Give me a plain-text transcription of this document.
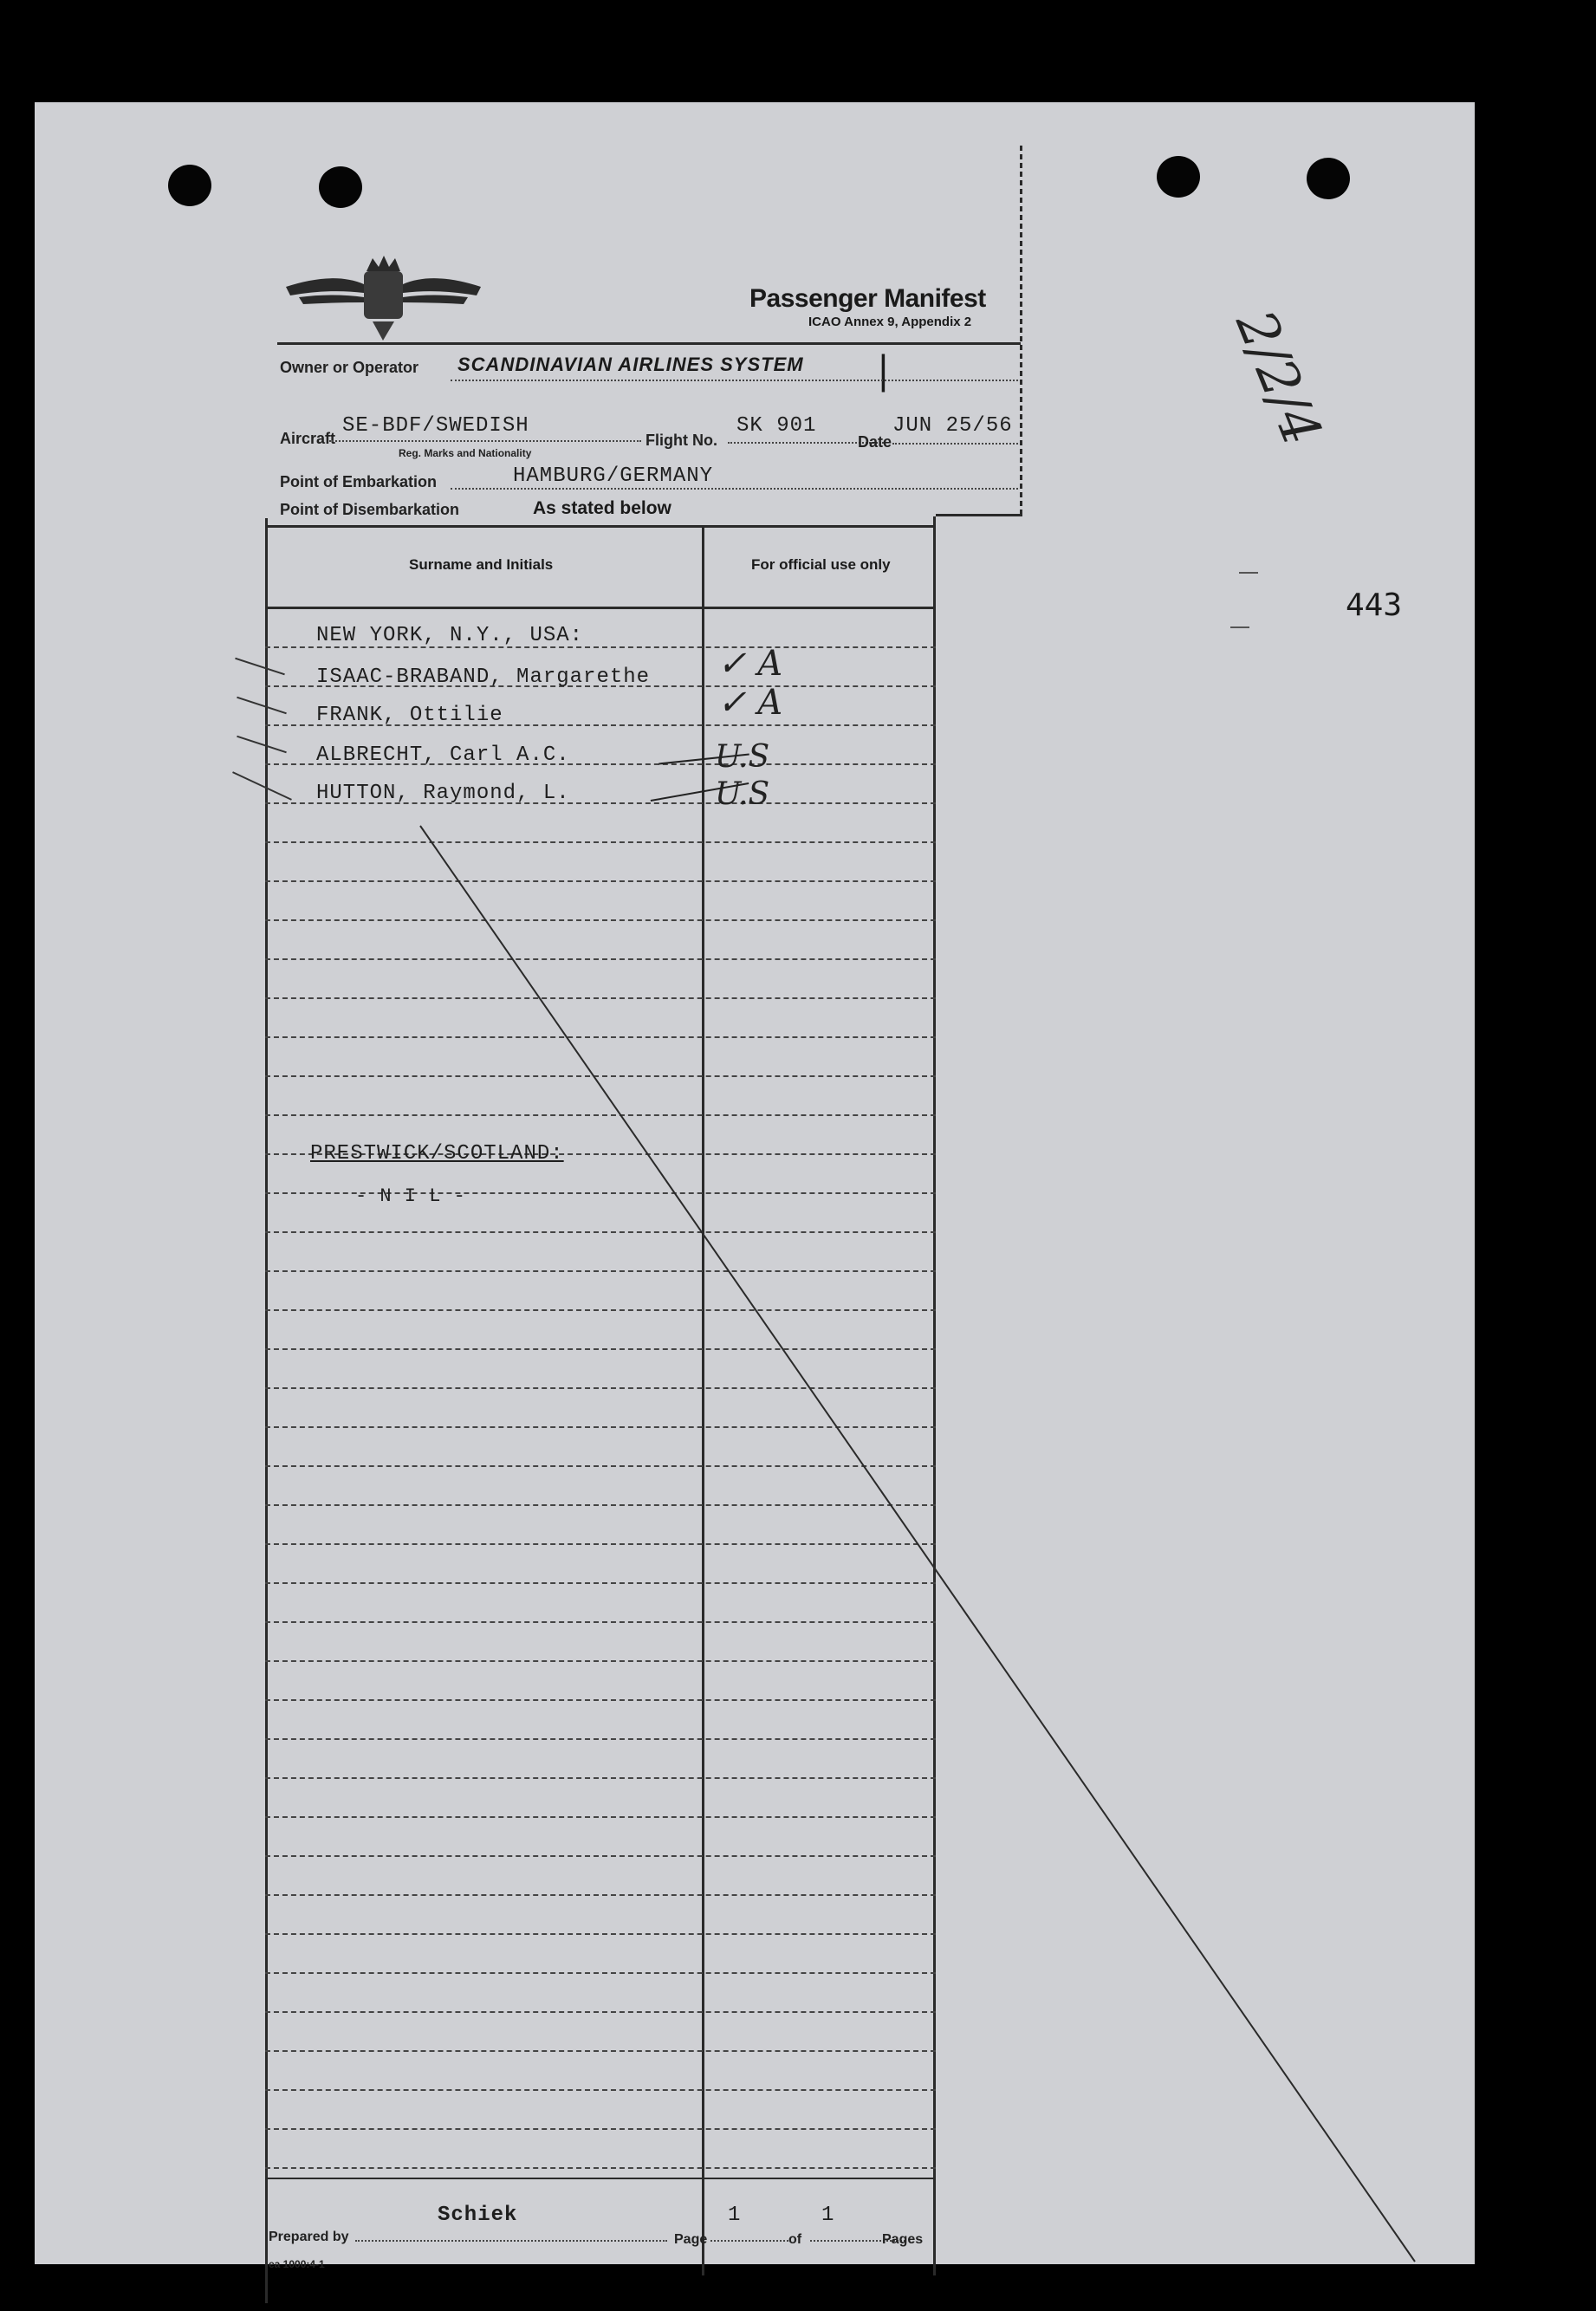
Passenger Manifest
ICAO Annex 9, Appendix 2
Owner or Operator SCANDINAVIAN AIRLINES SYSTEM |
Aircraft
SE-BDF/SWEDISH
Reg. Marks and Nationality
Flight No.
SK 901
Date
JUN 25/56
Point of Embarkation	HAMBURG/GERMANY
Point of Disembarkation	As stated below
Surname and Initials	For official use only
NEW YORK, N.Y., USA:
ISAAC-BRABAND, Margarethe ✓ A
FRANK, Ottilie	✓ A
ALBRECHT, Carl A.C.	U.S
HUTTON, Raymond, L.	U.S
PRESTWICK/SCOTLAND:
- N I L -
Prepared by
Schiek
Page
1
of
1
Pages
ea 1000:4-1
443
2/2/4
